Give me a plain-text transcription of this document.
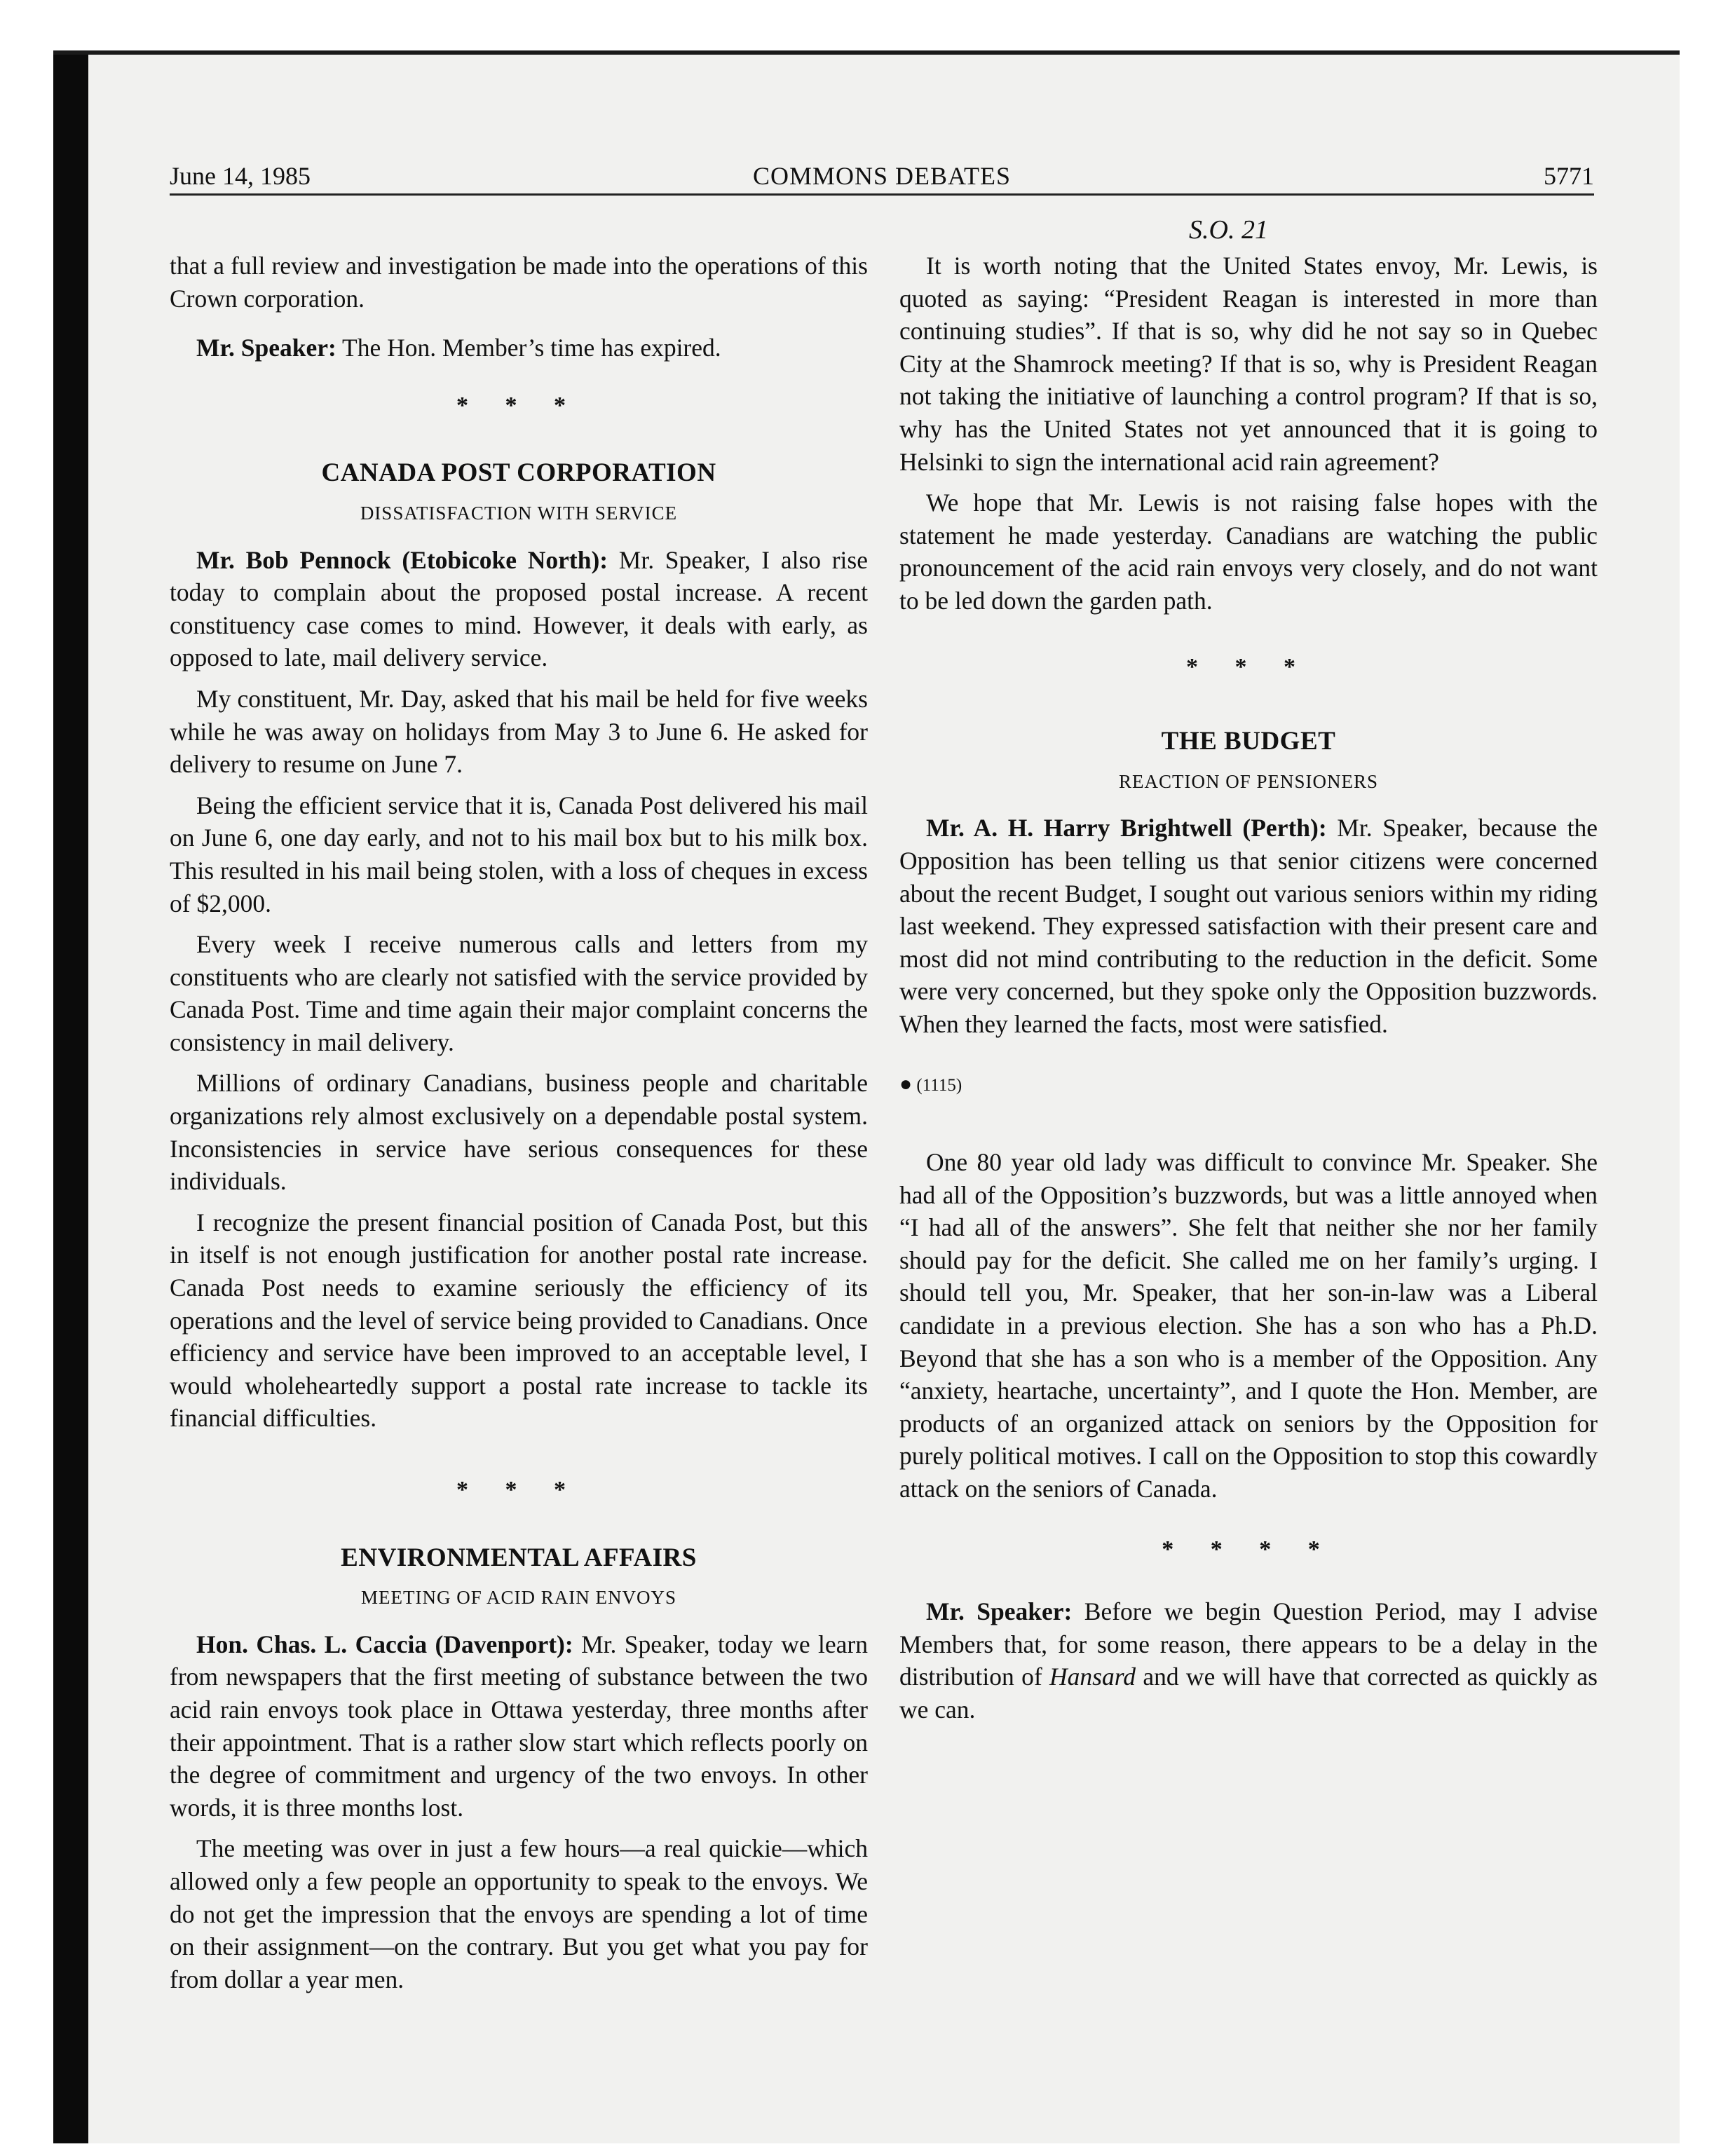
June 14, 1985	COMMONS DEBATES	5771
S.O. 21

that a full review and investigation be made into the operations of this Crown corporation.

Mr. Speaker: The Hon. Member’s time has expired.

* * *
CANADA POST CORPORATION
DISSATISFACTION WITH SERVICE

Mr. Bob Pennock (Etobicoke North): Mr. Speaker, I also rise today to complain about the proposed postal increase. A recent constituency case comes to mind. However, it deals with early, as opposed to late, mail delivery service.

My constituent, Mr. Day, asked that his mail be held for five weeks while he was away on holidays from May 3 to June 6. He asked for delivery to resume on June 7.

Being the efficient service that it is, Canada Post delivered his mail on June 6, one day early, and not to his mail box but to his milk box. This resulted in his mail being stolen, with a loss of cheques in excess of $2,000.

Every week I receive numerous calls and letters from my constituents who are clearly not satisfied with the service provided by Canada Post. Time and time again their major complaint concerns the consistency in mail delivery.

Millions of ordinary Canadians, business people and charitable organizations rely almost exclusively on a dependable postal system. Inconsistencies in service have serious consequences for these individuals.

I recognize the present financial position of Canada Post, but this in itself is not enough justification for another postal rate increase. Canada Post needs to examine seriously the efficiency of its operations and the level of service being provided to Canadians. Once efficiency and service have been improved to an acceptable level, I would wholeheartedly support a postal rate increase to tackle its financial difficulties.

* * *
ENVIRONMENTAL AFFAIRS
MEETING OF ACID RAIN ENVOYS

Hon. Chas. L. Caccia (Davenport): Mr. Speaker, today we learn from newspapers that the first meeting of substance between the two acid rain envoys took place in Ottawa yesterday, three months after their appointment. That is a rather slow start which reflects poorly on the degree of commitment and urgency of the two envoys. In other words, it is three months lost.

The meeting was over in just a few hours—a real quickie—which allowed only a few people an opportunity to speak to the envoys. We do not get the impression that the envoys are spending a lot of time on their assignment—on the contrary. But you get what you pay for from dollar a year men.

It is worth noting that the United States envoy, Mr. Lewis, is quoted as saying: “President Reagan is interested in more than continuing studies”. If that is so, why did he not say so in Quebec City at the Shamrock meeting? If that is so, why is President Reagan not taking the initiative of launching a control program? If that is so, why has the United States not yet announced that it is going to Helsinki to sign the international acid rain agreement?

We hope that Mr. Lewis is not raising false hopes with the statement he made yesterday. Canadians are watching the public pronouncement of the acid rain envoys very closely, and do not want to be led down the garden path.

* * *
THE BUDGET
REACTION OF PENSIONERS

Mr. A. H. Harry Brightwell (Perth): Mr. Speaker, because the Opposition has been telling us that senior citizens were concerned about the recent Budget, I sought out various seniors within my riding last weekend. They expressed satisfaction with their present care and most did not mind contributing to the reduction in the deficit. Some were very concerned, but they spoke only the Opposition buzzwords. When they learned the facts, most were satisfied.

● (1115)

One 80 year old lady was difficult to convince Mr. Speaker. She had all of the Opposition’s buzzwords, but was a little annoyed when “I had all of the answers”. She felt that neither she nor her family should pay for the deficit. She called me on her family’s urging. I should tell you, Mr. Speaker, that her son-in-law was a Liberal candidate in a previous election. She has a son who has a Ph.D. Beyond that she has a son who is a member of the Opposition. Any “anxiety, heartache, uncertainty”, and I quote the Hon. Member, are products of an organized attack on seniors by the Opposition for purely political motives. I call on the Opposition to stop this cowardly attack on the seniors of Canada.

* * * *

Mr. Speaker: Before we begin Question Period, may I advise Members that, for some reason, there appears to be a delay in the distribution of Hansard and we will have that corrected as quickly as we can.
